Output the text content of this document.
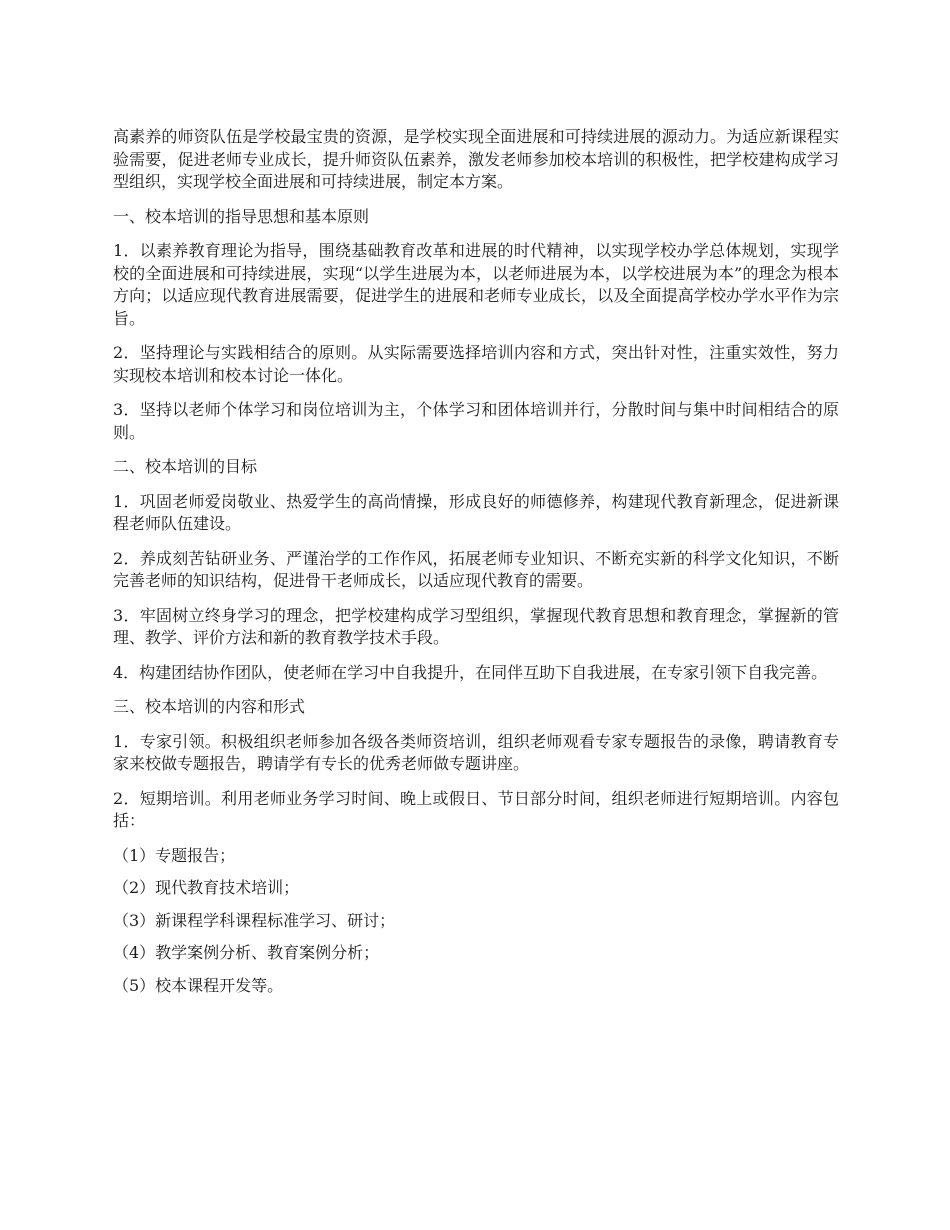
高素养的师资队伍是学校最宝贵的资源，是学校实现全面进展和可持续进展的源动力。为适应新课程实验需要，促进老师专业成长，提升师资队伍素养，激发老师参加校本培训的积极性，把学校建构成学习型组织，实现学校全面进展和可持续进展，制定本方案。

一、校本培训的指导思想和基本原则

1．以素养教育理论为指导，围绕基础教育改革和进展的时代精神，以实现学校办学总体规划，实现学校的全面进展和可持续进展，实现“以学生进展为本，以老师进展为本，以学校进展为本”的理念为根本方向；以适应现代教育进展需要，促进学生的进展和老师专业成长，以及全面提高学校办学水平作为宗旨。

2．坚持理论与实践相结合的原则。从实际需要选择培训内容和方式，突出针对性，注重实效性，努力实现校本培训和校本讨论一体化。

3．坚持以老师个体学习和岗位培训为主，个体学习和团体培训并行，分散时间与集中时间相结合的原则。

二、校本培训的目标

1．巩固老师爱岗敬业、热爱学生的高尚情操，形成良好的师德修养，构建现代教育新理念，促进新课程老师队伍建设。

2．养成刻苦钻研业务、严谨治学的工作作风，拓展老师专业知识、不断充实新的科学文化知识，不断完善老师的知识结构，促进骨干老师成长，以适应现代教育的需要。

3．牢固树立终身学习的理念，把学校建构成学习型组织，掌握现代教育思想和教育理念，掌握新的管理、教学、评价方法和新的教育教学技术手段。

4．构建团结协作团队，使老师在学习中自我提升，在同伴互助下自我进展，在专家引领下自我完善。

三、校本培训的内容和形式

1．专家引领。积极组织老师参加各级各类师资培训，组织老师观看专家专题报告的录像，聘请教育专家来校做专题报告，聘请学有专长的优秀老师做专题讲座。

2．短期培训。利用老师业务学习时间、晚上或假日、节日部分时间，组织老师进行短期培训。内容包括：

（1）专题报告；

（2）现代教育技术培训；

（3）新课程学科课程标准学习、研讨；

（4）教学案例分析、教育案例分析；

（5）校本课程开发等。
